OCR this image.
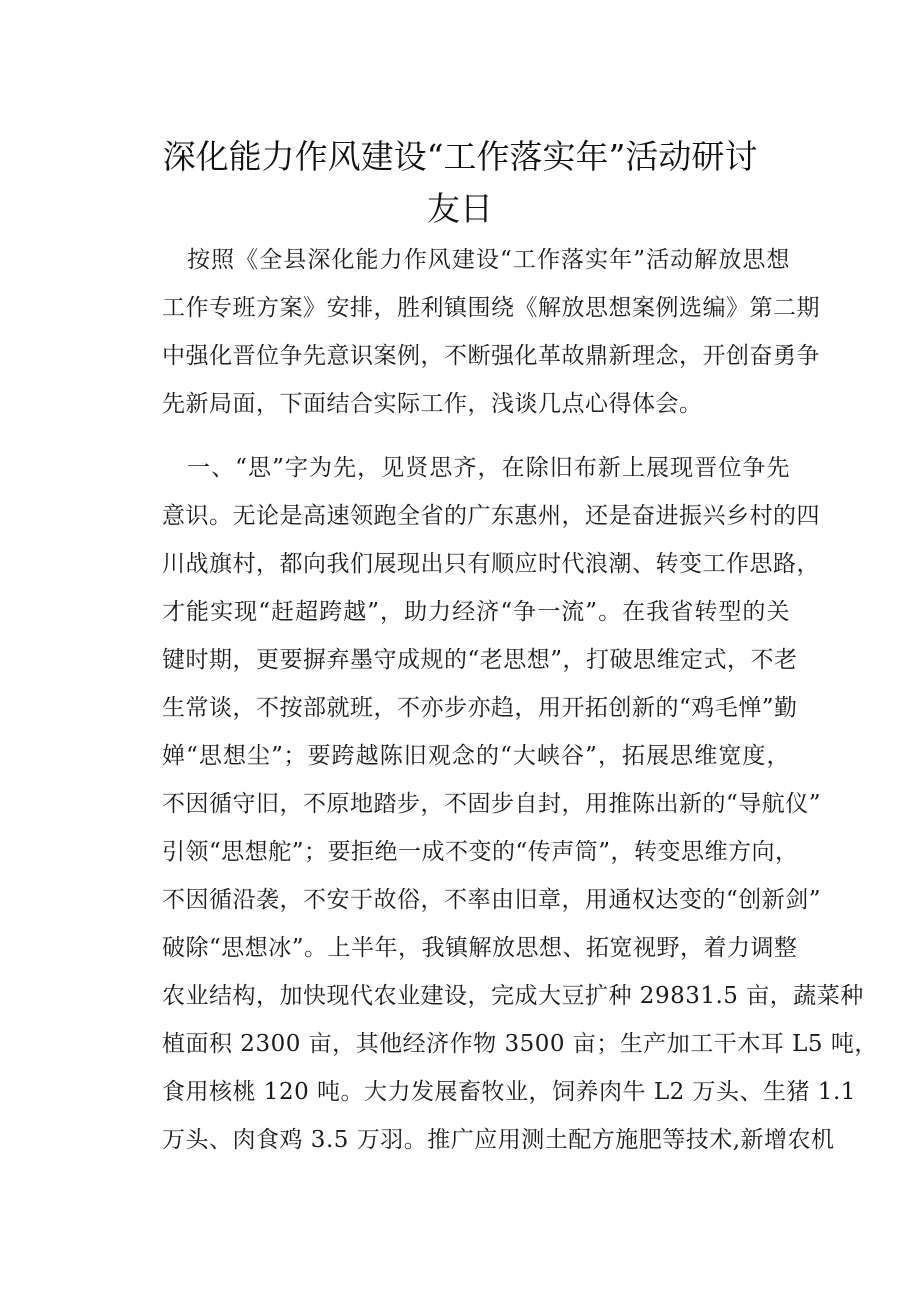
深化能力作风建设“工作落实年”活动研讨
友日
按照《全县深化能力作风建设“工作落实年”活动解放思想
工作专班方案》安排，胜利镇围绕《解放思想案例选编》第二期
中强化晋位争先意识案例，不断强化革故鼎新理念，开创奋勇争
先新局面，下面结合实际工作，浅谈几点心得体会。
一、“思”字为先，见贤思齐，在除旧布新上展现晋位争先
意识。无论是高速领跑全省的广东惠州，还是奋进振兴乡村的四
川战旗村，都向我们展现出只有顺应时代浪潮、转变工作思路，
才能实现“赶超跨越”，助力经济“争一流”。在我省转型的关
键时期，更要摒弃墨守成规的“老思想”，打破思维定式，不老
生常谈，不按部就班，不亦步亦趋，用开拓创新的“鸡毛惮”勤
婵“思想尘”；要跨越陈旧观念的“大峡谷”，拓展思维宽度，
不因循守旧，不原地踏步，不固步自封，用推陈出新的“导航仪”
引领“思想舵”；要拒绝一成不变的“传声筒”，转变思维方向，
不因循沿袭，不安于故俗，不率由旧章，用通权达变的“创新剑”
破除“思想冰”。上半年，我镇解放思想、拓宽视野，着力调整
农业结构，加快现代农业建设，完成大豆扩种 29831.5 亩，蔬菜种
植面积 2300 亩，其他经济作物 3500 亩；生产加工干木耳 L5 吨，
食用核桃 120 吨。大力发展畜牧业，饲养肉牛 L2 万头、生猪 1.1
万头、肉食鸡 3.5 万羽。推广应用测土配方施肥等技术,新增农机
